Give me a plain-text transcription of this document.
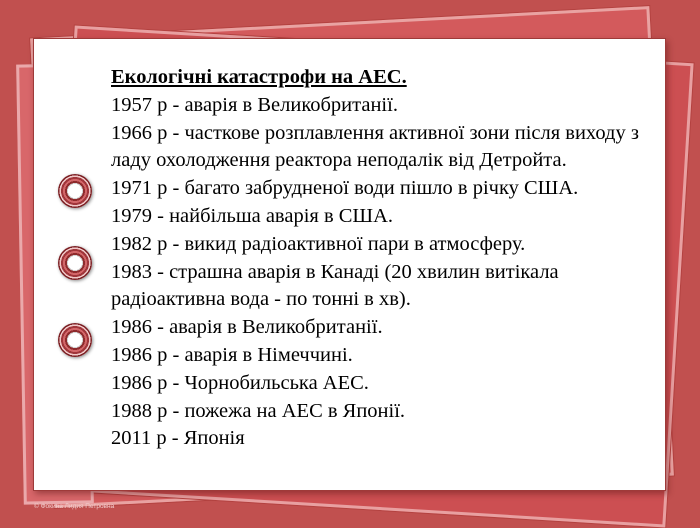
Екологічні катастрофи на АЕС.
1957 р - аварія в Великобританії.
1966 р - часткове розплавлення активної зони після виходу з ладу охолодження реактора неподалік від Детройта.
1971 р - багато забрудненої води пішло в річку США.
1979 - найбільша аварія в США.
1982 р - викид радіоактивної пари в атмосферу.
1983 - страшна аварія в Канаді (20 хвилин витікала радіоактивна вода - по тонні в хв).
1986 - аварія в Великобританії.
1986 р - аварія в Німеччині.
1986 р - Чорнобильська АЕС.
1988 р - пожежа на АЕС в Японії.
2011 р - Японія
© Фокина Лидия Петровна
